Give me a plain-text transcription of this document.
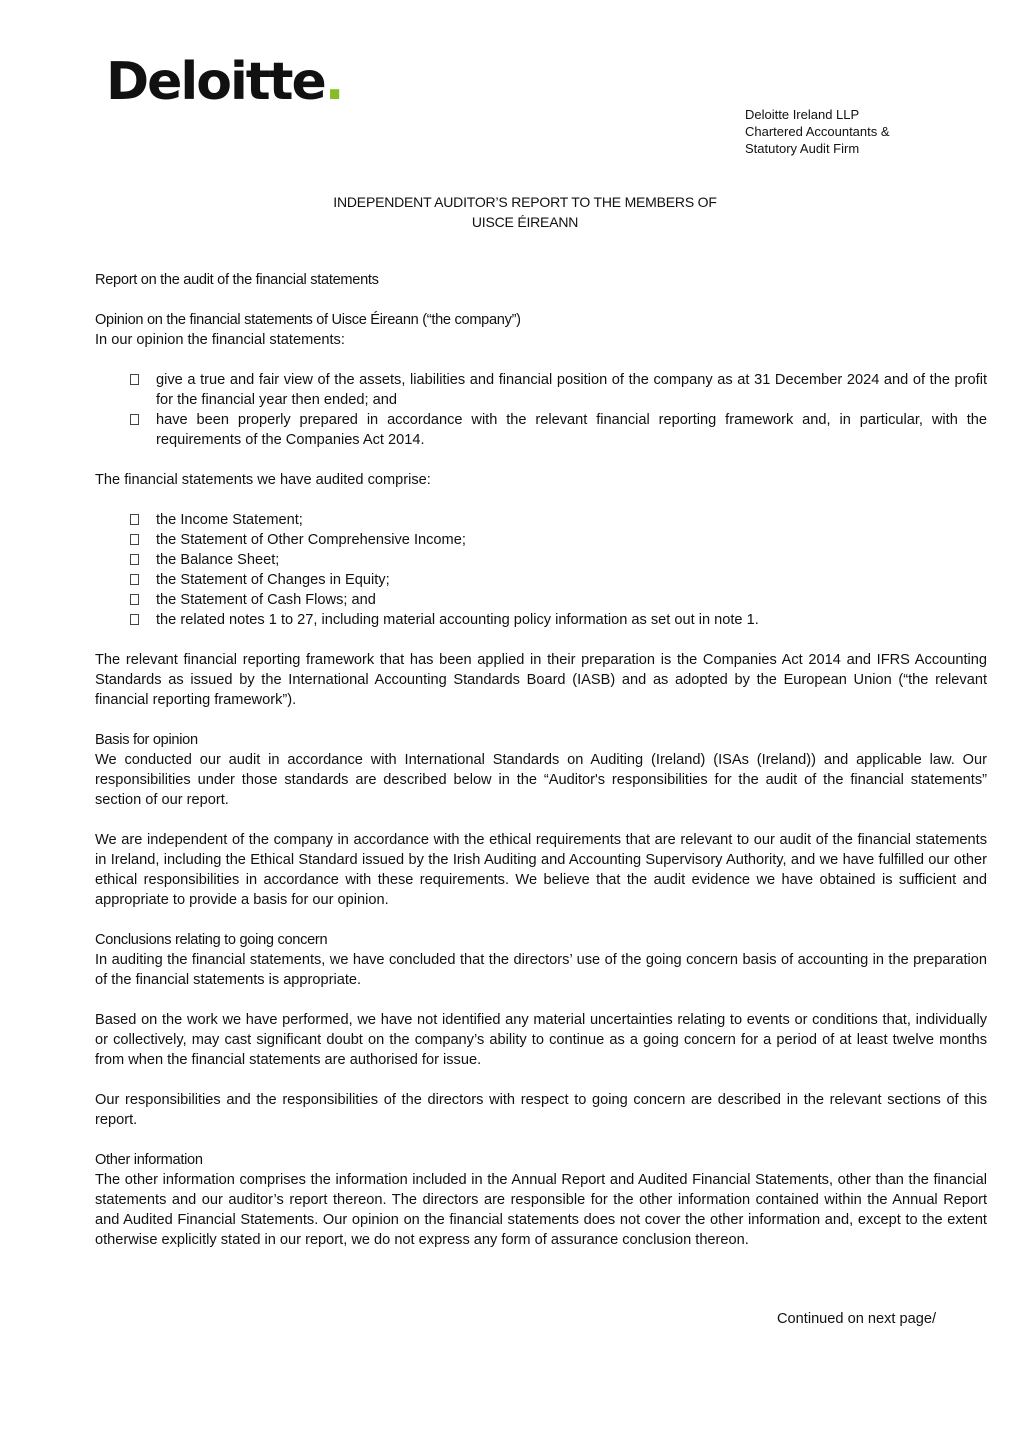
Deloitte.
Deloitte Ireland LLP
Chartered Accountants &
Statutory Audit Firm
INDEPENDENT AUDITOR’S REPORT TO THE MEMBERS OF
UISCE ÉIREANN

Report on the audit of the financial statements

Opinion on the financial statements of Uisce Éireann (“the company”)

In our opinion the financial statements:

give a true and fair view of the assets, liabilities and financial position of the company as at 31 December 2024 and of the profit for the financial year then ended; and
have been properly prepared in accordance with the relevant financial reporting framework and, in particular, with the requirements of the Companies Act 2014.

The financial statements we have audited comprise:

the Income Statement;
the Statement of Other Comprehensive Income;
the Balance Sheet;
the Statement of Changes in Equity;
the Statement of Cash Flows; and
the related notes 1 to 27, including material accounting policy information as set out in note 1.

The relevant financial reporting framework that has been applied in their preparation is the Companies Act 2014 and IFRS Accounting Standards as issued by the International Accounting Standards Board (IASB) and as adopted by the European Union (“the relevant financial reporting framework”).

Basis for opinion

We conducted our audit in accordance with International Standards on Auditing (Ireland) (ISAs (Ireland)) and applicable law. Our responsibilities under those standards are described below in the “Auditor's responsibilities for the audit of the financial statements” section of our report.

We are independent of the company in accordance with the ethical requirements that are relevant to our audit of the financial statements in Ireland, including the Ethical Standard issued by the Irish Auditing and Accounting Supervisory Authority, and we have fulfilled our other ethical responsibilities in accordance with these requirements. We believe that the audit evidence we have obtained is sufficient and appropriate to provide a basis for our opinion.

Conclusions relating to going concern

In auditing the financial statements, we have concluded that the directors’ use of the going concern basis of accounting in the preparation of the financial statements is appropriate.

Based on the work we have performed, we have not identified any material uncertainties relating to events or conditions that, individually or collectively, may cast significant doubt on the company’s ability to continue as a going concern for a period of at least twelve months from when the financial statements are authorised for issue.

Our responsibilities and the responsibilities of the directors with respect to going concern are described in the relevant sections of this report.

Other information

The other information comprises the information included in the Annual Report and Audited Financial Statements, other than the financial statements and our auditor’s report thereon. The directors are responsible for the other information contained within the Annual Report and Audited Financial Statements. Our opinion on the financial statements does not cover the other information and, except to the extent otherwise explicitly stated in our report, we do not express any form of assurance conclusion thereon.

Continued on next page/
